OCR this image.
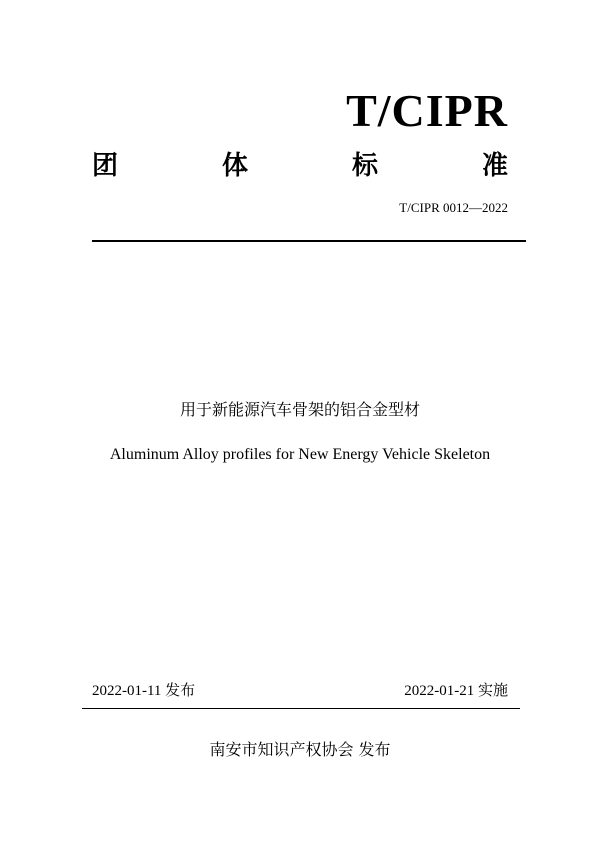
T/CIPR
团	体	标	准
T/CIPR 0012—2022
用于新能源汽车骨架的铝合金型材
Aluminum Alloy profiles for New Energy Vehicle Skeleton
2022-01-11 发布	2022-01-21 实施
南安市知识产权协会 发布
